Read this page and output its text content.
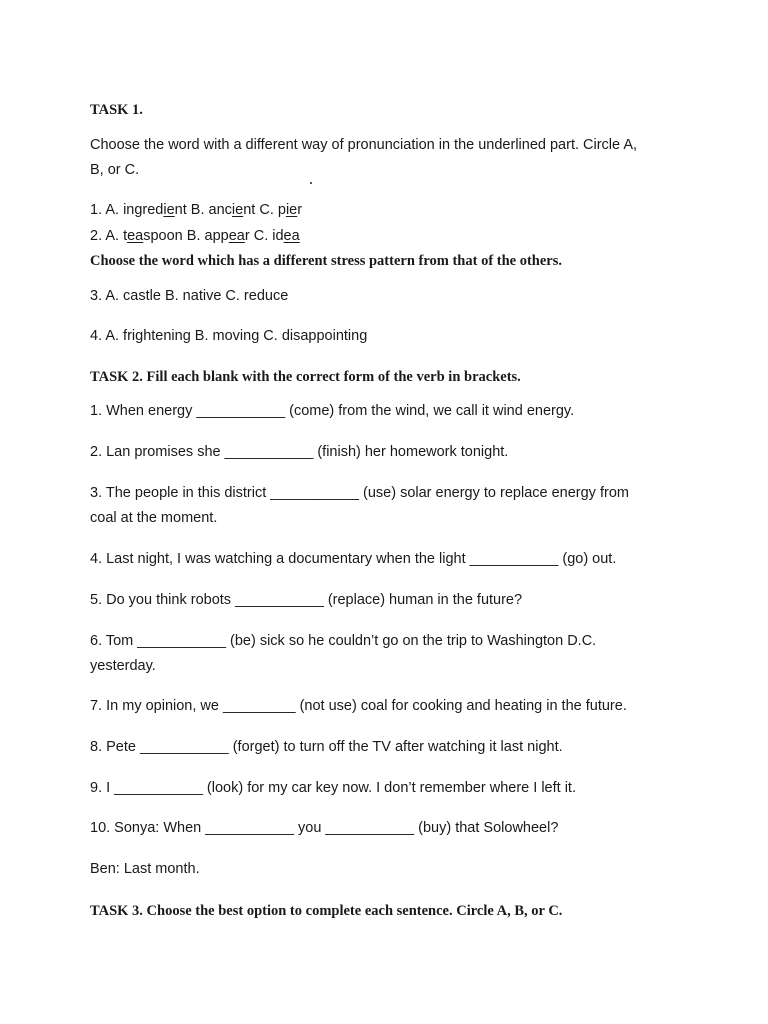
TASK 1.
Choose the word with a different way of pronunciation in the underlined part. Circle A,
B, or C.
1. A. ingredient B. ancient C. pier
2. A. teaspoon B. appear C. idea
Choose the word which has a different stress pattern from that of the others.
3. A. castle B. native C. reduce
4. A. frightening B. moving C. disappointing
TASK 2. Fill each blank with the correct form of the verb in brackets.
1. When energy ___________ (come) from the wind, we call it wind energy.
2. Lan promises she ___________ (finish) her homework tonight.
3. The people in this district ___________ (use) solar energy to replace energy from
coal at the moment.
4. Last night, I was watching a documentary when the light ___________ (go) out.
5. Do you think robots ___________ (replace) human in the future?
6. Tom ___________ (be) sick so he couldn’t go on the trip to Washington D.C.
yesterday.
7. In my opinion, we _________ (not use) coal for cooking and heating in the future.
8. Pete ___________ (forget) to turn off the TV after watching it last night.
9. I ___________ (look) for my car key now. I don’t remember where I left it.
10. Sonya: When ___________ you ___________ (buy) that Solowheel?
Ben: Last month.
TASK 3. Choose the best option to complete each sentence. Circle A, B, or C.
